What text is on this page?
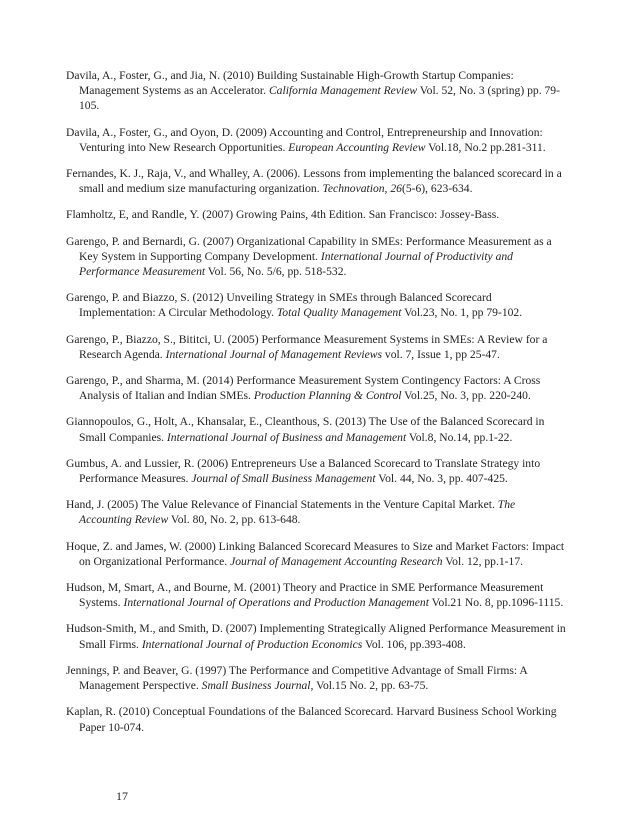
Davila, A., Foster, G., and Jia, N. (2010) Building Sustainable High-Growth Startup Companies: Management Systems as an Accelerator. California Management Review Vol. 52, No. 3 (spring) pp. 79-105.

Davila, A., Foster, G., and Oyon, D. (2009) Accounting and Control, Entrepreneurship and Innovation: Venturing into New Research Opportunities. European Accounting Review Vol.18, No.2 pp.281-311.

Fernandes, K. J., Raja, V., and Whalley, A. (2006). Lessons from implementing the balanced scorecard in a small and medium size manufacturing organization. Technovation, 26(5-6), 623-634.

Flamholtz, E, and Randle, Y. (2007) Growing Pains, 4th Edition. San Francisco: Jossey-Bass.

Garengo, P. and Bernardi, G. (2007) Organizational Capability in SMEs: Performance Measurement as a Key System in Supporting Company Development. International Journal of Productivity and Performance Measurement Vol. 56, No. 5/6, pp. 518-532.

Garengo, P. and Biazzo, S. (2012) Unveiling Strategy in SMEs through Balanced Scorecard Implementation: A Circular Methodology. Total Quality Management Vol.23, No. 1, pp 79-102.

Garengo, P., Biazzo, S., Bititci, U. (2005) Performance Measurement Systems in SMEs: A Review for a Research Agenda. International Journal of Management Reviews vol. 7, Issue 1, pp 25-47.

Garengo, P., and Sharma, M. (2014) Performance Measurement System Contingency Factors: A Cross Analysis of Italian and Indian SMEs. Production Planning & Control Vol.25, No. 3, pp. 220-240.

Giannopoulos, G., Holt, A., Khansalar, E., Cleanthous, S. (2013) The Use of the Balanced Scorecard in Small Companies. International Journal of Business and Management Vol.8, No.14, pp.1-22.

Gumbus, A. and Lussier, R. (2006) Entrepreneurs Use a Balanced Scorecard to Translate Strategy into Performance Measures. Journal of Small Business Management Vol. 44, No. 3, pp. 407-425.

Hand, J. (2005) The Value Relevance of Financial Statements in the Venture Capital Market. The Accounting Review Vol. 80, No. 2, pp. 613-648.

Hoque, Z. and James, W. (2000) Linking Balanced Scorecard Measures to Size and Market Factors: Impact on Organizational Performance. Journal of Management Accounting Research Vol. 12, pp.1-17.

Hudson, M, Smart, A., and Bourne, M. (2001) Theory and Practice in SME Performance Measurement Systems. International Journal of Operations and Production Management Vol.21 No. 8, pp.1096-1115.

Hudson-Smith, M., and Smith, D. (2007) Implementing Strategically Aligned Performance Measurement in Small Firms. International Journal of Production Economics Vol. 106, pp.393-408.

Jennings, P. and Beaver, G. (1997) The Performance and Competitive Advantage of Small Firms: A Management Perspective. Small Business Journal, Vol.15 No. 2, pp. 63-75.

Kaplan, R. (2010) Conceptual Foundations of the Balanced Scorecard. Harvard Business School Working Paper 10-074.

17
